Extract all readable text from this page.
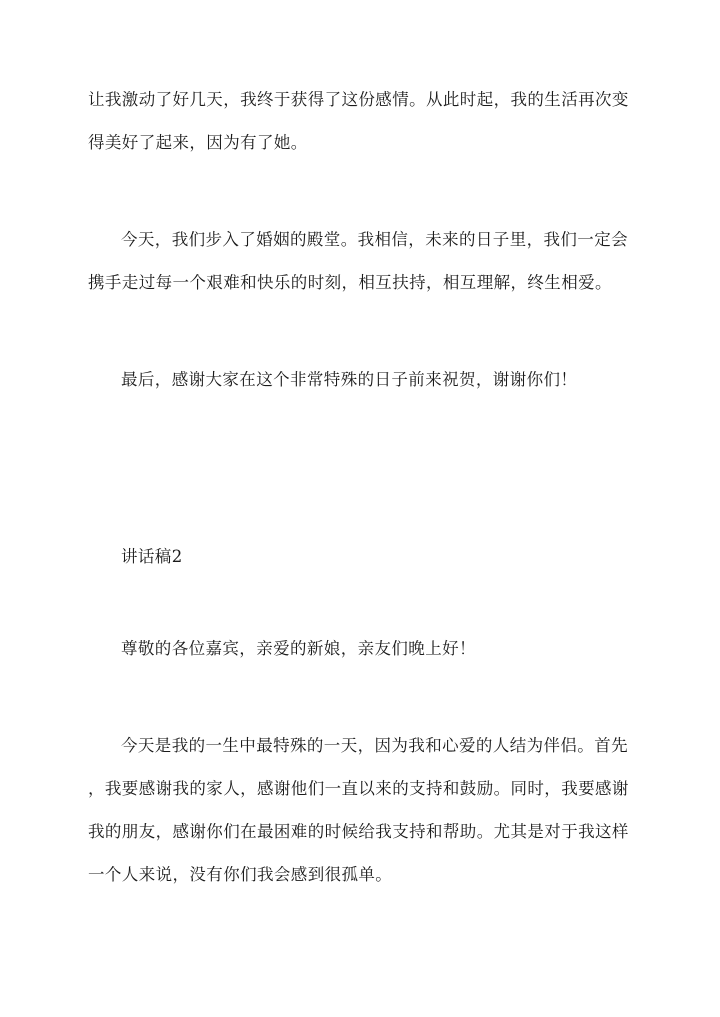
让我激动了好几天，我终于获得了这份感情。从此时起，我的生活再次变
得美好了起来，因为有了她。
今天，我们步入了婚姻的殿堂。我相信，未来的日子里，我们一定会
携手走过每一个艰难和快乐的时刻，相互扶持，相互理解，终生相爱。
最后，感谢大家在这个非常特殊的日子前来祝贺，谢谢你们！
讲话稿2
尊敬的各位嘉宾，亲爱的新娘，亲友们晚上好！
今天是我的一生中最特殊的一天，因为我和心爱的人结为伴侣。首先
，我要感谢我的家人，感谢他们一直以来的支持和鼓励。同时，我要感谢
我的朋友，感谢你们在最困难的时候给我支持和帮助。尤其是对于我这样
一个人来说，没有你们我会感到很孤单。
